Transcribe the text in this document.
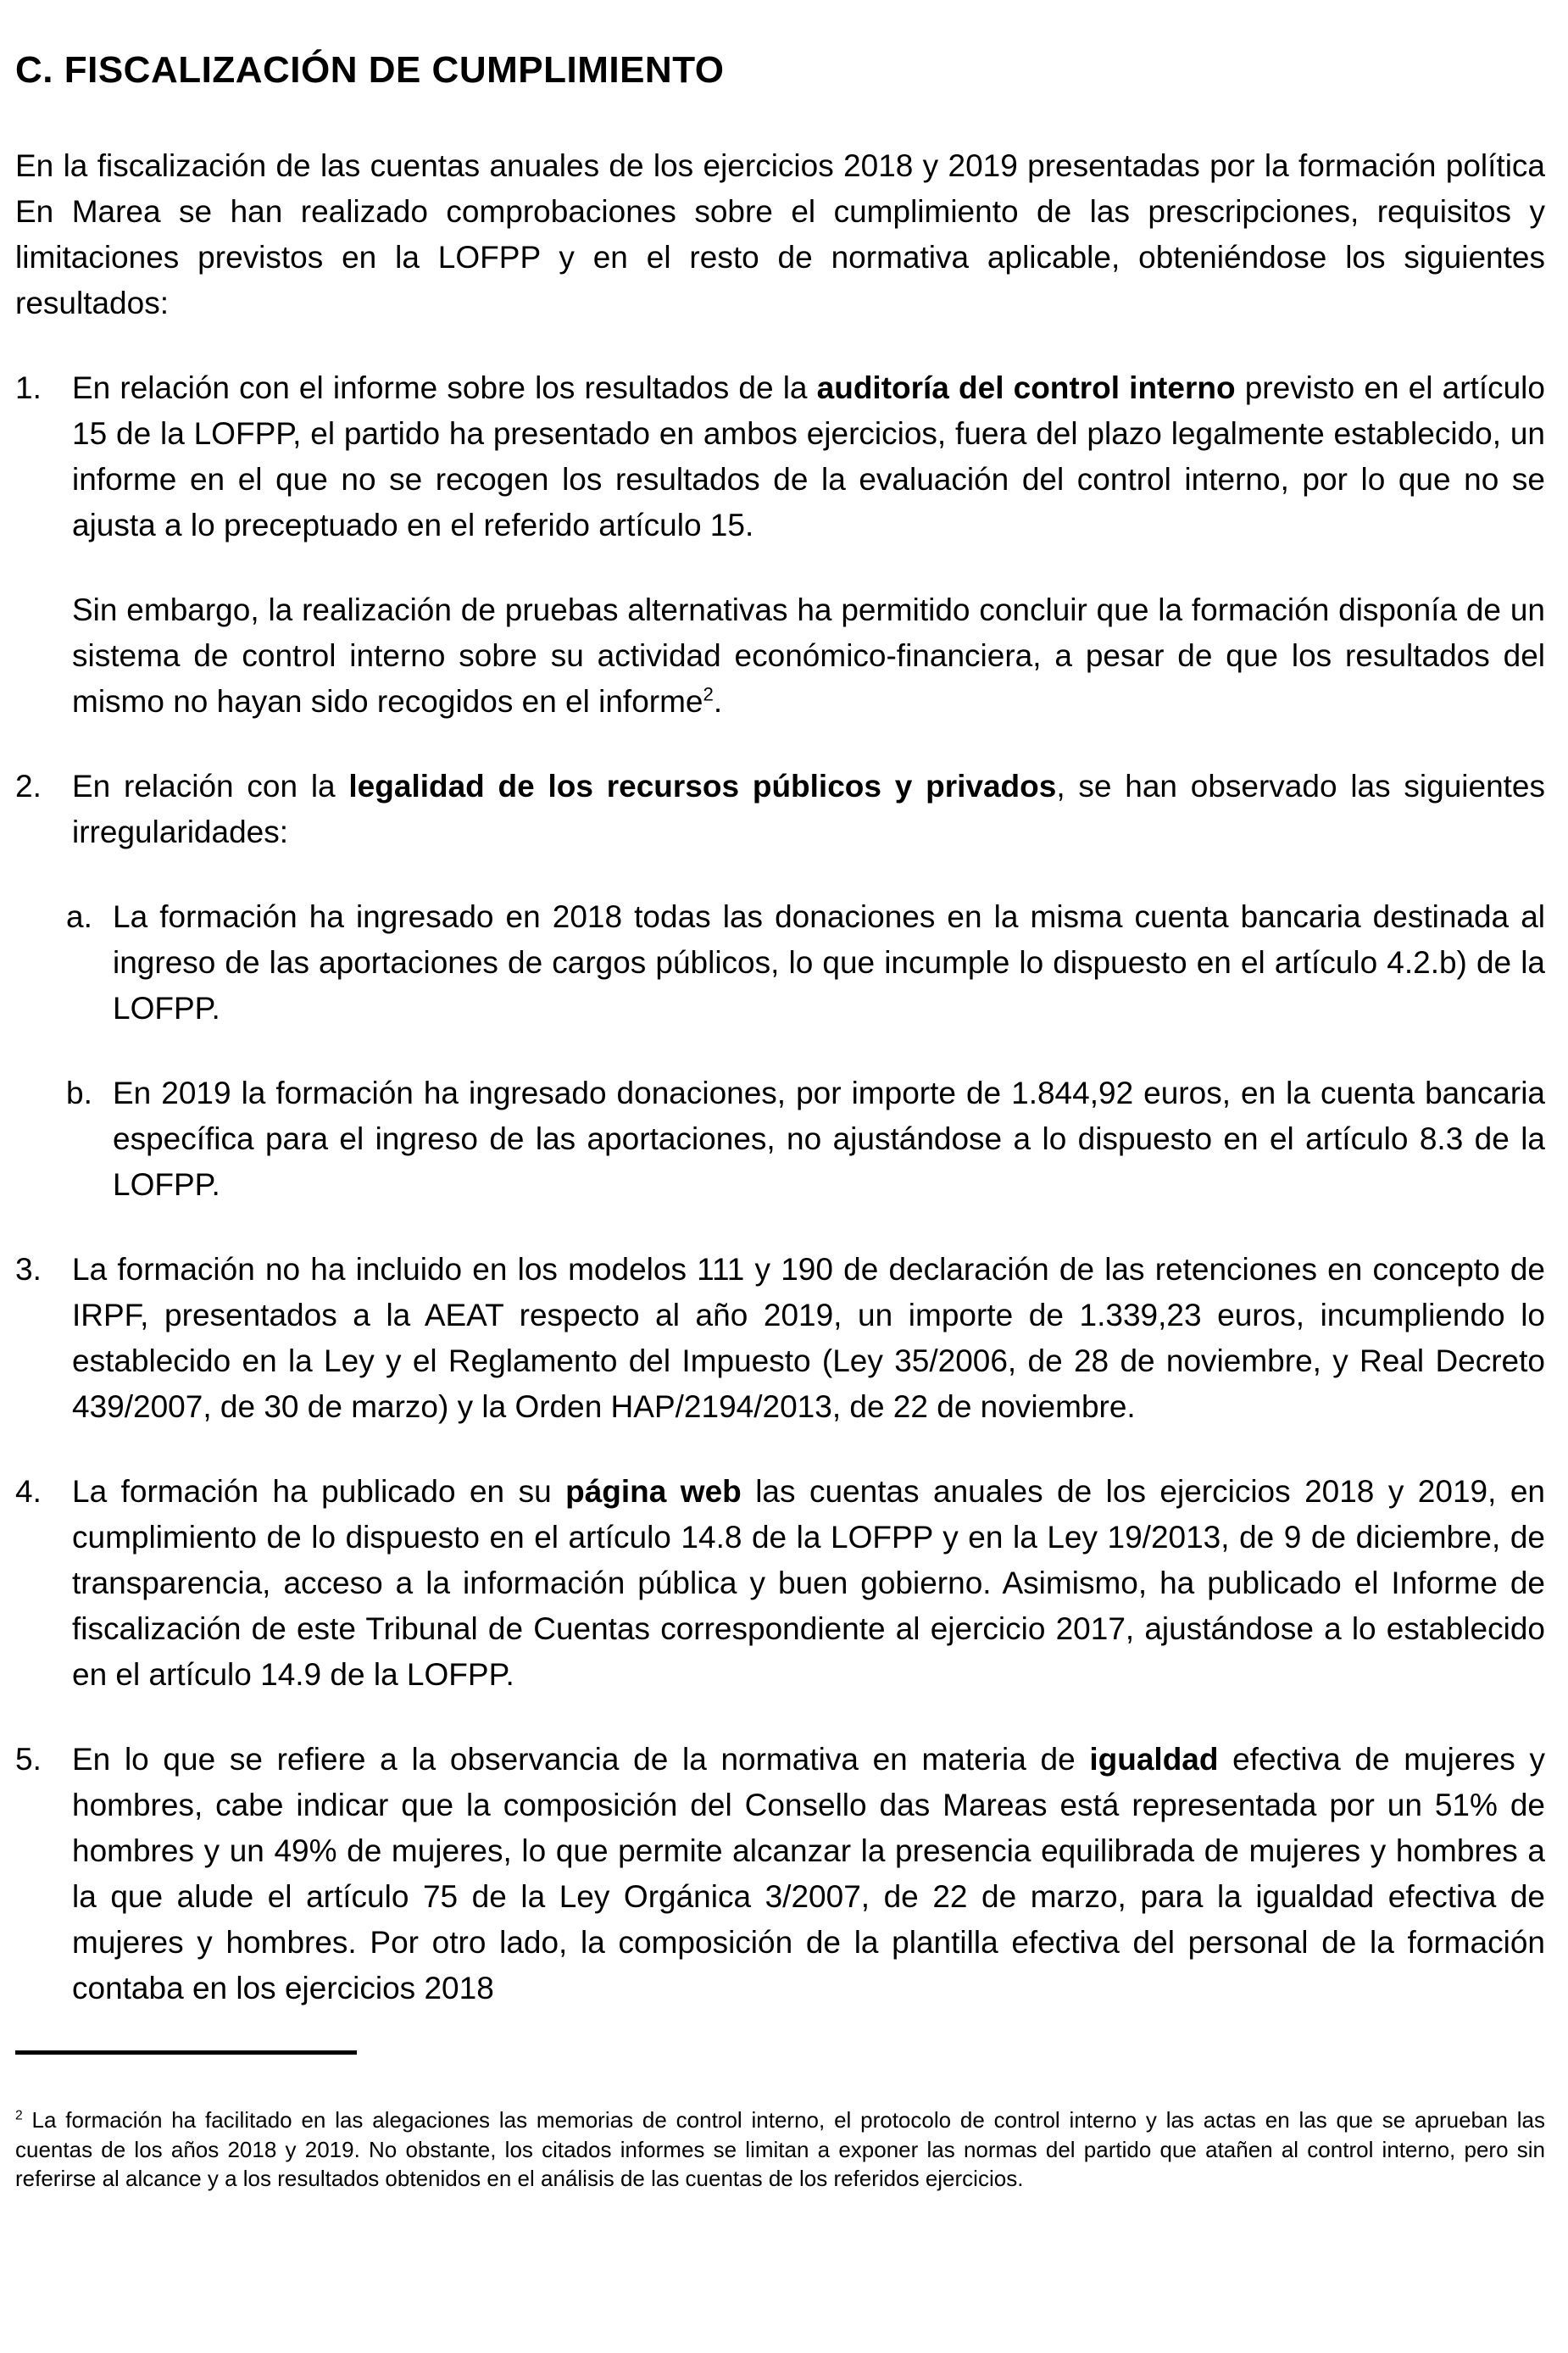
C. FISCALIZACIÓN DE CUMPLIMIENTO
En la fiscalización de las cuentas anuales de los ejercicios 2018 y 2019 presentadas por la formación política En Marea se han realizado comprobaciones sobre el cumplimiento de las prescripciones, requisitos y limitaciones previstos en la LOFPP y en el resto de normativa aplicable, obteniéndose los siguientes resultados:
1. En relación con el informe sobre los resultados de la auditoría del control interno previsto en el artículo 15 de la LOFPP, el partido ha presentado en ambos ejercicios, fuera del plazo legalmente establecido, un informe en el que no se recogen los resultados de la evaluación del control interno, por lo que no se ajusta a lo preceptuado en el referido artículo 15.
Sin embargo, la realización de pruebas alternativas ha permitido concluir que la formación disponía de un sistema de control interno sobre su actividad económico-financiera, a pesar de que los resultados del mismo no hayan sido recogidos en el informe$^2$.
2. En relación con la legalidad de los recursos públicos y privados, se han observado las siguientes irregularidades:
a. La formación ha ingresado en 2018 todas las donaciones en la misma cuenta bancaria destinada al ingreso de las aportaciones de cargos públicos, lo que incumple lo dispuesto en el artículo 4.2.b) de la LOFPP.
b. En 2019 la formación ha ingresado donaciones, por importe de 1.844,92 euros, en la cuenta bancaria específica para el ingreso de las aportaciones, no ajustándose a lo dispuesto en el artículo 8.3 de la LOFPP.
3. La formación no ha incluido en los modelos 111 y 190 de declaración de las retenciones en concepto de IRPF, presentados a la AEAT respecto al año 2019, un importe de 1.339,23 euros, incumpliendo lo establecido en la Ley y el Reglamento del Impuesto (Ley 35/2006, de 28 de noviembre, y Real Decreto 439/2007, de 30 de marzo) y la Orden HAP/2194/2013, de 22 de noviembre.
4. La formación ha publicado en su página web las cuentas anuales de los ejercicios 2018 y 2019, en cumplimiento de lo dispuesto en el artículo 14.8 de la LOFPP y en la Ley 19/2013, de 9 de diciembre, de transparencia, acceso a la información pública y buen gobierno. Asimismo, ha publicado el Informe de fiscalización de este Tribunal de Cuentas correspondiente al ejercicio 2017, ajustándose a lo establecido en el artículo 14.9 de la LOFPP.
5. En lo que se refiere a la observancia de la normativa en materia de igualdad efectiva de mujeres y hombres, cabe indicar que la composición del Consello das Mareas está representada por un 51% de hombres y un 49% de mujeres, lo que permite alcanzar la presencia equilibrada de mujeres y hombres a la que alude el artículo 75 de la Ley Orgánica 3/2007, de 22 de marzo, para la igualdad efectiva de mujeres y hombres. Por otro lado, la composición de la plantilla efectiva del personal de la formación contaba en los ejercicios 2018
$^2$ La formación ha facilitado en las alegaciones las memorias de control interno, el protocolo de control interno y las actas en las que se aprueban las cuentas de los años 2018 y 2019. No obstante, los citados informes se limitan a exponer las normas del partido que atañen al control interno, pero sin referirse al alcance y a los resultados obtenidos en el análisis de las cuentas de los referidos ejercicios.
